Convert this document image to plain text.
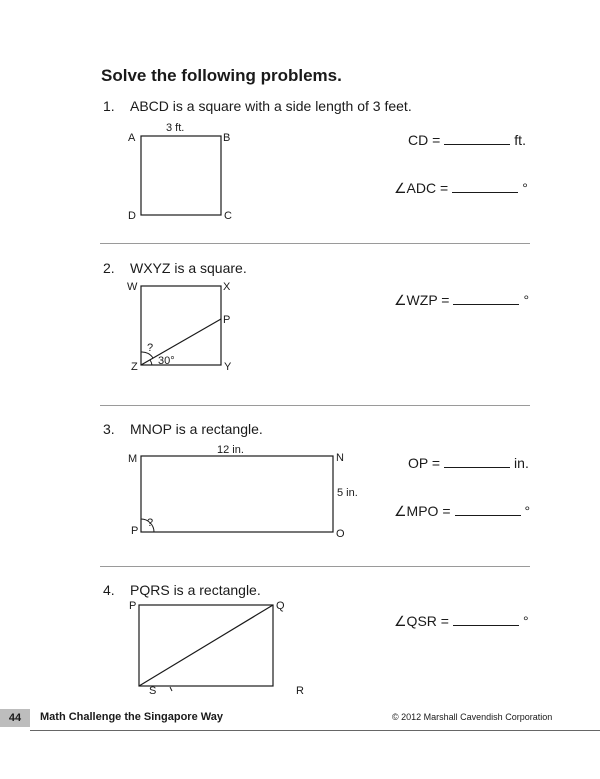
Solve the following problems.
1. ABCD is a square with a side length of 3 feet.
CD =	ft.
∠ADC =	°
2. WXYZ is a square.
∠WZP =	°
3. MNOP is a rectangle.
OP =	in.
∠MPO =	°
4. PQRS is a rectangle.
∠QSR =	°
A	B
C
D
3 ft.
W	X
Y
Z
P
?
30°
M	N
O
P
12 in.
5 in.
?
P	Q
R
S
44	Math Challenge the Singapore Way	© 2012 Marshall Cavendish Corporation
